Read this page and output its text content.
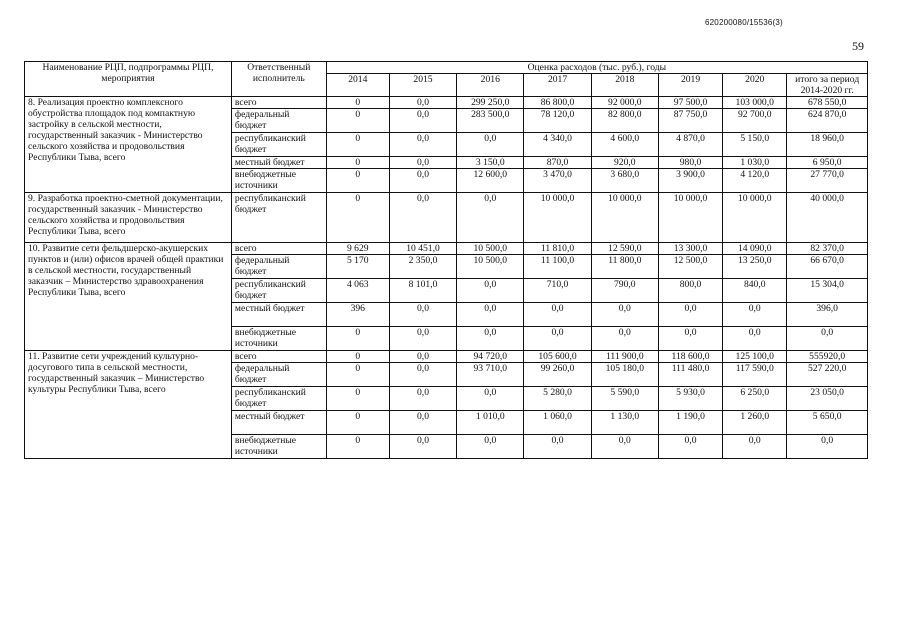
620200080/15536(3)
59
Наименование РЦП, подпрограммы РЦП, мероприятия	Ответственный исполнитель	Оценка расходов (тыс. руб.), годы							
		2014	2015	2016	2017	2018	2019	2020	итого за период 2014-2020 гг.
8. Реализация проектно комплексного обустройства площадок под компактную застройку в сельской местности, государственный заказчик - Министерство сельского хозяйства и продовольствия Республики Тыва, всего	всего	0	0,0	299 250,0	86 800,0	92 000,0	97 500,0	103 000,0	678 550,0
	федеральный бюджет	0	0,0	283 500,0	78 120,0	82 800,0	87 750,0	92 700,0	624 870,0
	республиканский бюджет	0	0,0	0,0	4 340,0	4 600,0	4 870,0	5 150,0	18 960,0
	местный бюджет	0	0,0	3 150,0	870,0	920,0	980,0	1 030,0	6 950,0
	внебюджетные источники	0	0,0	12 600,0	3 470,0	3 680,0	3 900,0	4 120,0	27 770,0
9. Разработка проектно-сметной документации, государственный заказчик - Министерство сельского хозяйства и продовольствия Республики Тыва, всего	республиканский бюджет	0	0,0	0,0	10 000,0	10 000,0	10 000,0	10 000,0	40 000,0
10. Развитие сети фельдшерско-акушерских пунктов и (или) офисов врачей общей практики в сельской местности, государственный заказчик – Министерство здравоохранения Республики Тыва, всего	всего	9 629	10 451,0	10 500,0	11 810,0	12 590,0	13 300,0	14 090,0	82 370,0
	федеральный бюджет	5 170	2 350,0	10 500,0	11 100,0	11 800,0	12 500,0	13 250,0	66 670,0
	республиканский бюджет	4 063	8 101,0	0,0	710,0	790,0	800,0	840,0	15 304,0
	местный бюджет	396	0,0	0,0	0,0	0,0	0,0	0,0	396,0
	внебюджетные источники	0	0,0	0,0	0,0	0,0	0,0	0,0	0,0
11. Развитие сети учреждений культурно-досугового типа в сельской местности, государственный заказчик – Министерство культуры Республики Тыва, всего	всего	0	0,0	94 720,0	105 600,0	111 900,0	118 600,0	125 100,0	555920,0
	федеральный бюджет	0	0,0	93 710,0	99 260,0	105 180,0	111 480,0	117 590,0	527 220,0
	республиканский бюджет	0	0,0	0,0	5 280,0	5 590,0	5 930,0	6 250,0	23 050,0
	местный бюджет	0	0,0	1 010,0	1 060,0	1 130,0	1 190,0	1 260,0	5 650,0
	внебюджетные источники	0	0,0	0,0	0,0	0,0	0,0	0,0	0,0
